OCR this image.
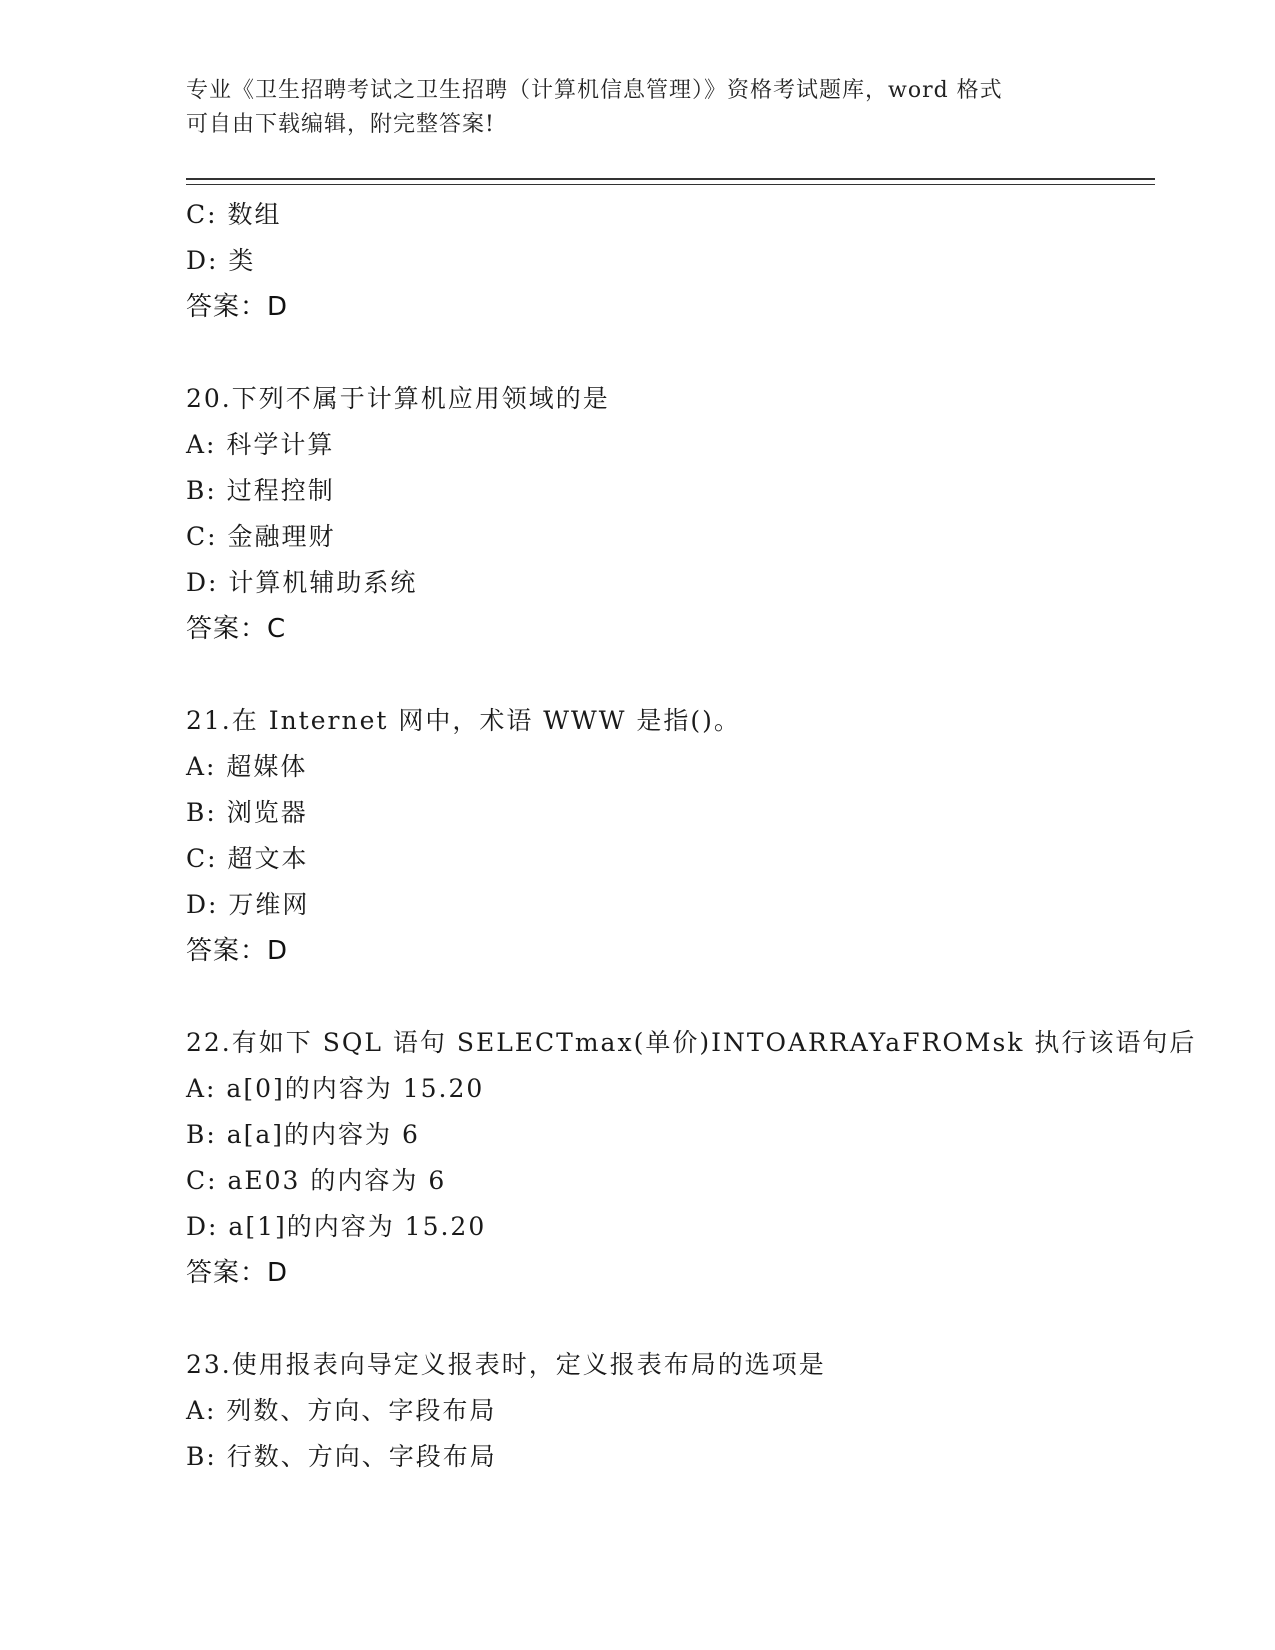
专业《卫生招聘考试之卫生招聘（计算机信息管理）》资格考试题库，word 格式
可自由下载编辑，附完整答案!
C: 数组
D: 类
答案：D
20.下列不属于计算机应用领域的是
A: 科学计算
B: 过程控制
C: 金融理财
D: 计算机辅助系统
答案：C
21.在 Internet 网中，术语 WWW 是指()。
A: 超媒体
B: 浏览器
C: 超文本
D: 万维网
答案：D
22.有如下 SQL 语句 SELECTmax(单价)INTOARRAYaFROMsk 执行该语句后
A: a[0]的内容为 15.20
B: a[a]的内容为 6
C: aE03 的内容为 6
D: a[1]的内容为 15.20
答案：D
23.使用报表向导定义报表时，定义报表布局的选项是
A: 列数、方向、字段布局
B: 行数、方向、字段布局
